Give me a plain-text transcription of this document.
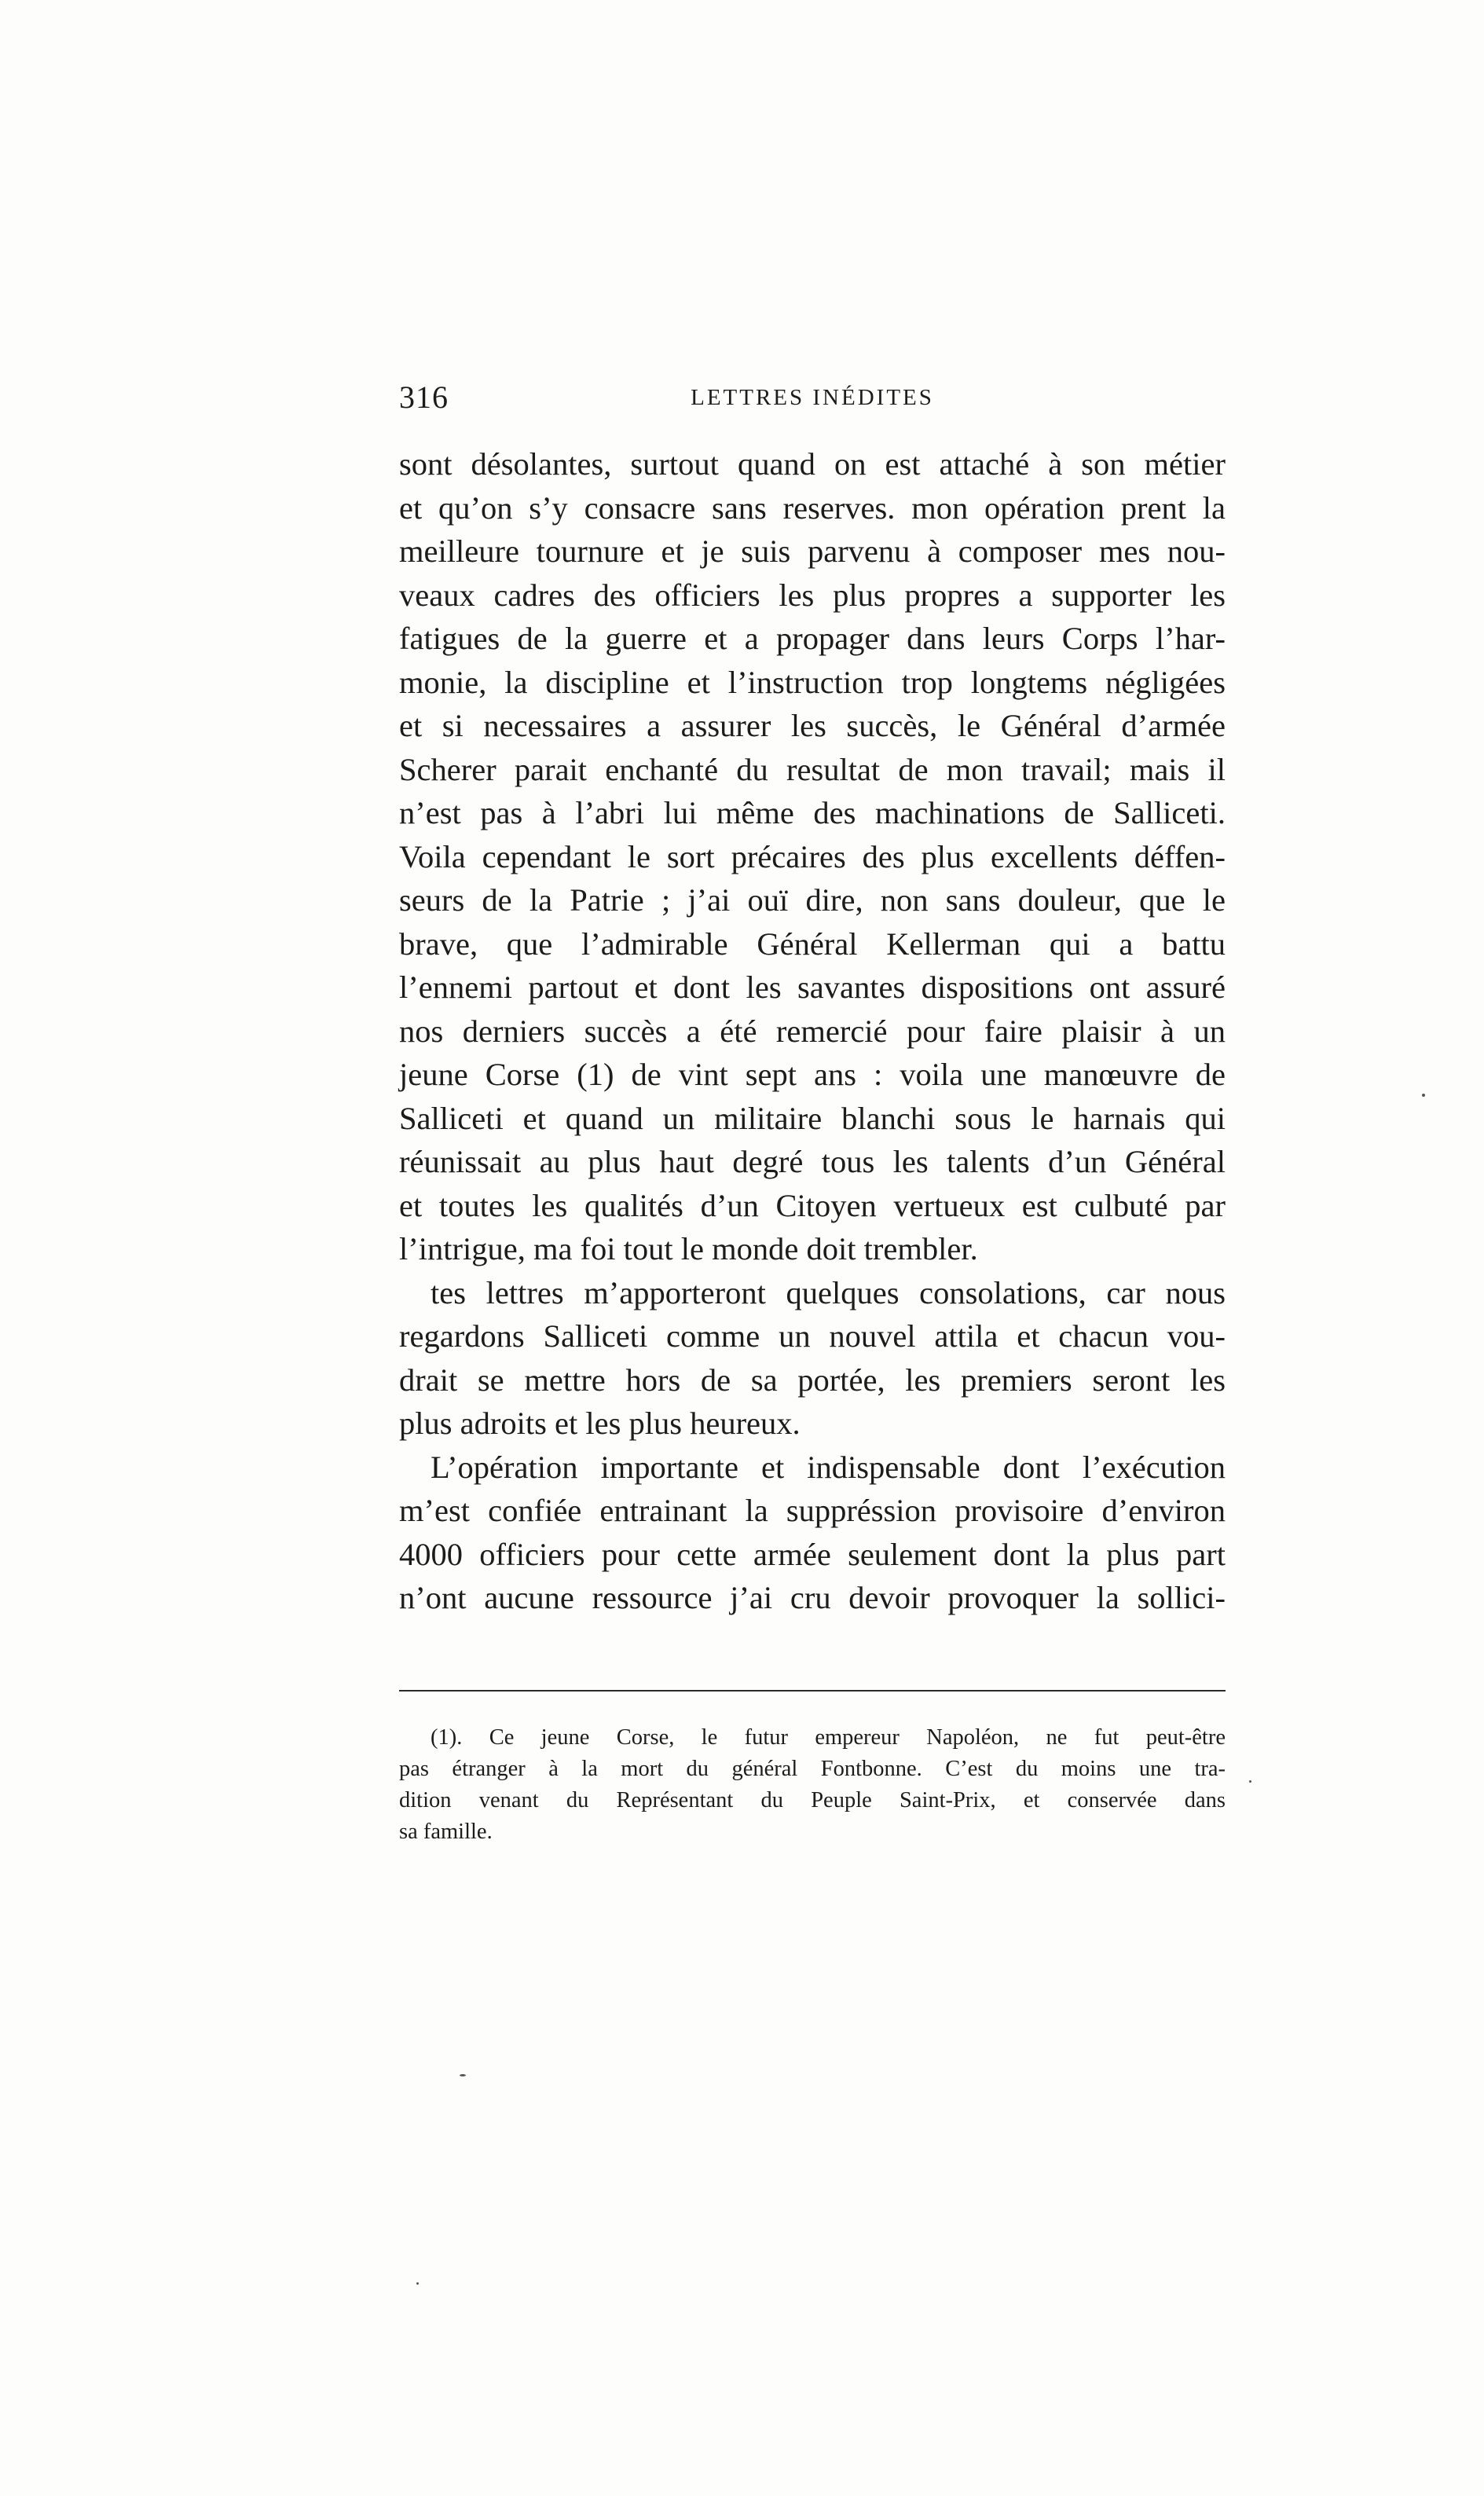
316	LETTRES INÉDITES
sont désolantes, surtout quand on est attaché à son métier
et qu’on s’y consacre sans reserves. mon opération prent la
meilleure tournure et je suis parvenu à composer mes nou-
veaux cadres des officiers les plus propres a supporter les
fatigues de la guerre et a propager dans leurs Corps l’har-
monie, la discipline et l’instruction trop longtems négligées
et si necessaires a assurer les succès, le Général d’armée
Scherer parait enchanté du resultat de mon travail; mais il
n’est pas à l’abri lui même des machinations de Salliceti.
Voila cependant le sort précaires des plus excellents déffen-
seurs de la Patrie ; j’ai ouï dire, non sans douleur, que le
brave, que l’admirable Général Kellerman qui a battu
l’ennemi partout et dont les savantes dispositions ont assuré
nos derniers succès a été remercié pour faire plaisir à un
jeune Corse (1) de vint sept ans : voila une manœuvre de
Salliceti et quand un militaire blanchi sous le harnais qui
réunissait au plus haut degré tous les talents d’un Général
et toutes les qualités d’un Citoyen vertueux est culbuté par
l’intrigue, ma foi tout le monde doit trembler.
tes lettres m’apporteront quelques consolations, car nous
regardons Salliceti comme un nouvel attila et chacun vou-
drait se mettre hors de sa portée, les premiers seront les
plus adroits et les plus heureux.
L’opération importante et indispensable dont l’exécution
m’est confiée entrainant la suppréssion provisoire d’environ
4000 officiers pour cette armée seulement dont la plus part
n’ont aucune ressource j’ai cru devoir provoquer la sollici-
(1). Ce jeune Corse, le futur empereur Napoléon, ne fut peut-être
pas étranger à la mort du général Fontbonne. C’est du moins une tra-
dition venant du Représentant du Peuple Saint-Prix, et conservée dans
sa famille.
